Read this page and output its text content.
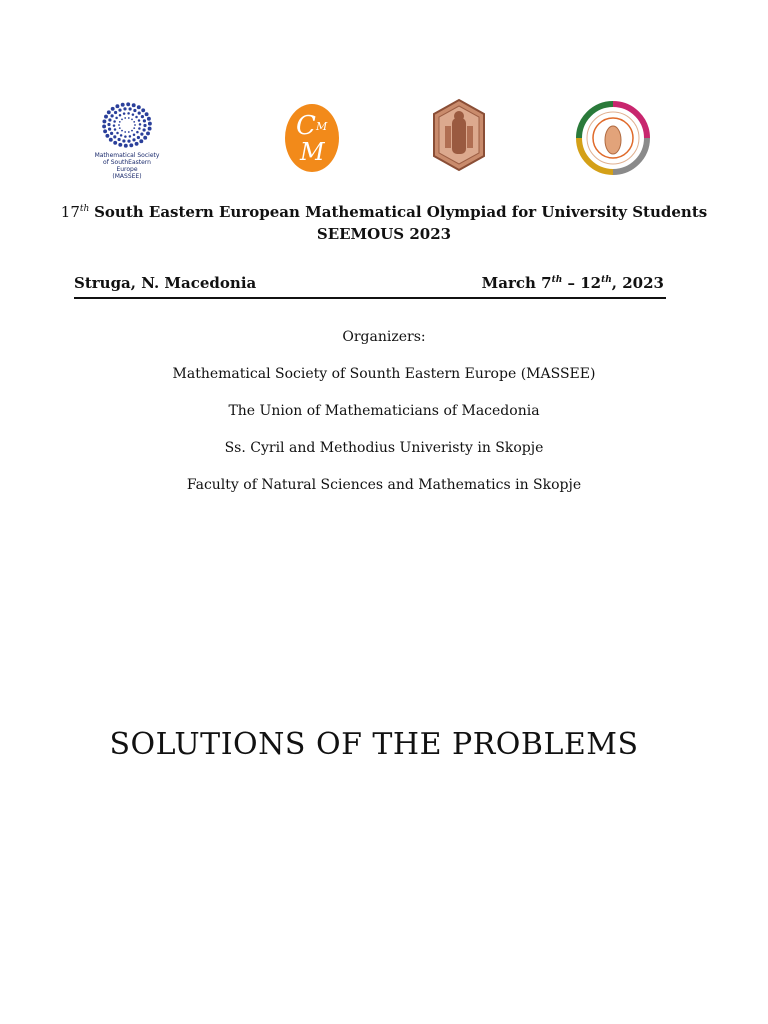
Mathematical Society
of SouthEastern Europe
(MASSEE)
C M
M
17th South Eastern European Mathematical Olympiad for University Students
SEEMOUS 2023
Struga, N. Macedonia	March 7th – 12th, 2023
Organizers:
Mathematical Society of Sounth Eastern Europe (MASSEE)
The Union of Mathematicians of Macedonia
Ss. Cyril and Methodius Univeristy in Skopje
Faculty of Natural Sciences and Mathematics in Skopje
SOLUTIONS OF THE PROBLEMS
